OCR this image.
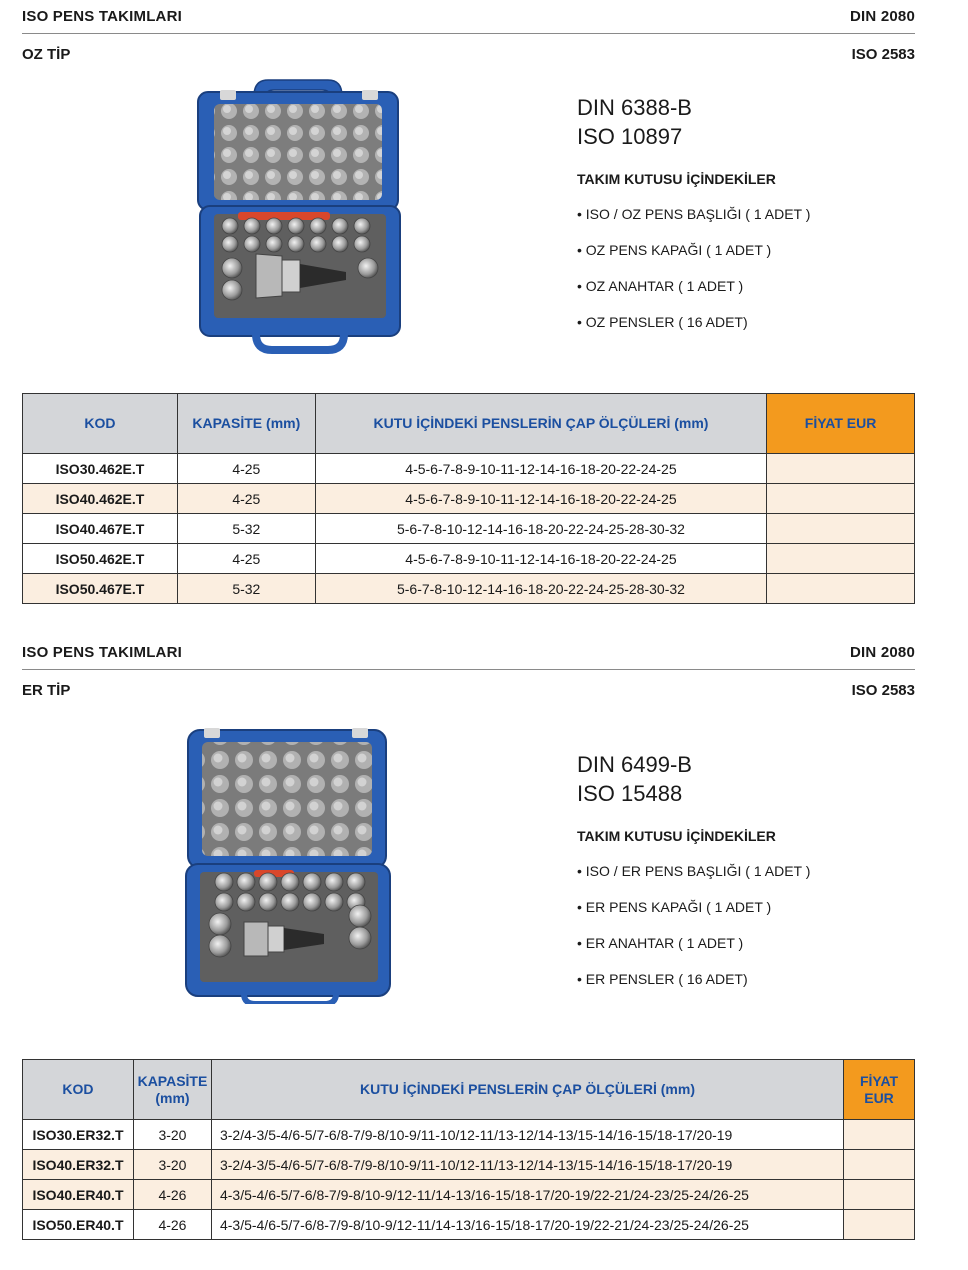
ISO PENS TAKIMLARI	DIN 2080
OZ TİP	ISO 2583
DIN 6388-B
ISO 10897
TAKIM KUTUSU İÇİNDEKİLER
• ISO / OZ PENS BAŞLIĞI ( 1 ADET )
• OZ PENS KAPAĞI ( 1 ADET )
• OZ ANAHTAR ( 1 ADET )
• OZ PENSLER ( 16 ADET)
KOD	KAPASİTE (mm)	KUTU İÇİNDEKİ PENSLERİN ÇAP ÖLÇÜLERİ (mm)	FİYAT EUR
ISO30.462E.T	4-25	4-5-6-7-8-9-10-11-12-14-16-18-20-22-24-25	
ISO40.462E.T	4-25	4-5-6-7-8-9-10-11-12-14-16-18-20-22-24-25	
ISO40.467E.T	5-32	5-6-7-8-10-12-14-16-18-20-22-24-25-28-30-32	
ISO50.462E.T	4-25	4-5-6-7-8-9-10-11-12-14-16-18-20-22-24-25	
ISO50.467E.T	5-32	5-6-7-8-10-12-14-16-18-20-22-24-25-28-30-32	
ISO PENS TAKIMLARI	DIN 2080
ER TİP	ISO 2583
DIN 6499-B
ISO 15488
TAKIM KUTUSU İÇİNDEKİLER
• ISO / ER PENS BAŞLIĞI ( 1 ADET )
• ER PENS KAPAĞI ( 1 ADET )
• ER ANAHTAR ( 1 ADET )
• ER PENSLER ( 16 ADET)
KOD	KAPASİTE (mm)	KUTU İÇİNDEKİ PENSLERİN ÇAP ÖLÇÜLERİ (mm)	FİYAT EUR
ISO30.ER32.T	3-20	3-2/4-3/5-4/6-5/7-6/8-7/9-8/10-9/11-10/12-11/13-12/14-13/15-14/16-15/18-17/20-19	
ISO40.ER32.T	3-20	3-2/4-3/5-4/6-5/7-6/8-7/9-8/10-9/11-10/12-11/13-12/14-13/15-14/16-15/18-17/20-19	
ISO40.ER40.T	4-26	4-3/5-4/6-5/7-6/8-7/9-8/10-9/12-11/14-13/16-15/18-17/20-19/22-21/24-23/25-24/26-25	
ISO50.ER40.T	4-26	4-3/5-4/6-5/7-6/8-7/9-8/10-9/12-11/14-13/16-15/18-17/20-19/22-21/24-23/25-24/26-25	
